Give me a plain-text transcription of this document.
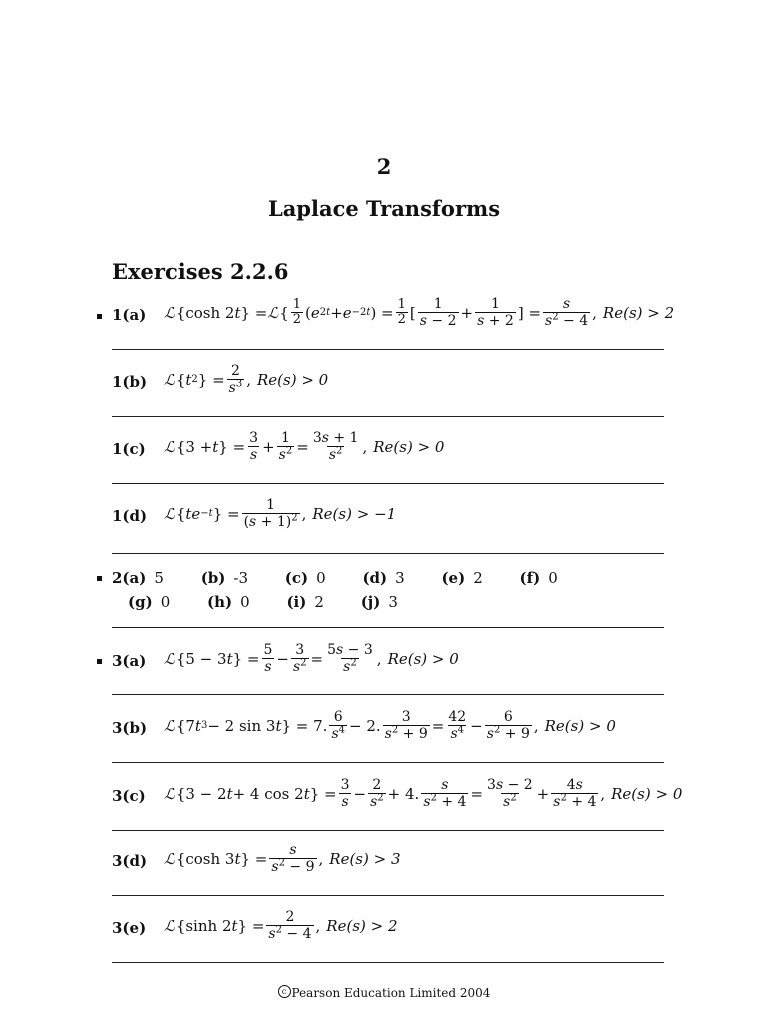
2
Laplace Transforms
Exercises 2.2.6
1(a) ℒ {cosh 2 t } = ℒ { $\frac{1}{2}$ ( e 2t + e −2t ) = $\frac{1}{2}$ [ $\frac{1}{s - 2} + \frac{1}{s + 2}$ ] = $\frac{s}{s^2 - 4}$ , Re(s) > 2
1(b) ℒ { t 2 } = $\frac{2}{s^3}$ , Re(s) > 0
1(c) ℒ {3 + t } = $\frac{3}{s} + \frac{1}{s^2} = \frac{3s + 1}{s^2}$ , Re(s) > 0
1(d) ℒ { te −t } = $\frac{1}{(s + 1)^2}$ , Re(s) > −1
2(a) 5 (b) -3 (c) 0 (d) 3 (e) 2 (f) 0
(g) 0 (h) 0 (i) 2 (j) 3
3(a) ℒ {5 − 3 t } = $\frac{5}{s} - \frac{3}{s^2} = \frac{5s - 3}{s^2}$ , Re(s) > 0
3(b) ℒ {7 t 3 − 2 sin 3 t } = 7. $\frac{6}{s^4} - 2$. $\frac{3}{s^2 + 9} = \frac{42}{s^4} - \frac{6}{s^2 + 9}$ , Re(s) > 0
3(c) ℒ {3 − 2 t + 4 cos 2 t } = $\frac{3}{s} - \frac{2}{s^2} + 4$. $\frac{s}{s^2 + 4} = \frac{3s - 2}{s^2} + \frac{4s}{s^2 + 4}$ , Re(s) > 0
3(d) ℒ {cosh 3 t } = $\frac{s}{s^2 - 9}$ , Re(s) > 3
3(e) ℒ {sinh 2 t } = $\frac{2}{s^2 - 4}$ , Re(s) > 2
c Pearson Education Limited 2004
